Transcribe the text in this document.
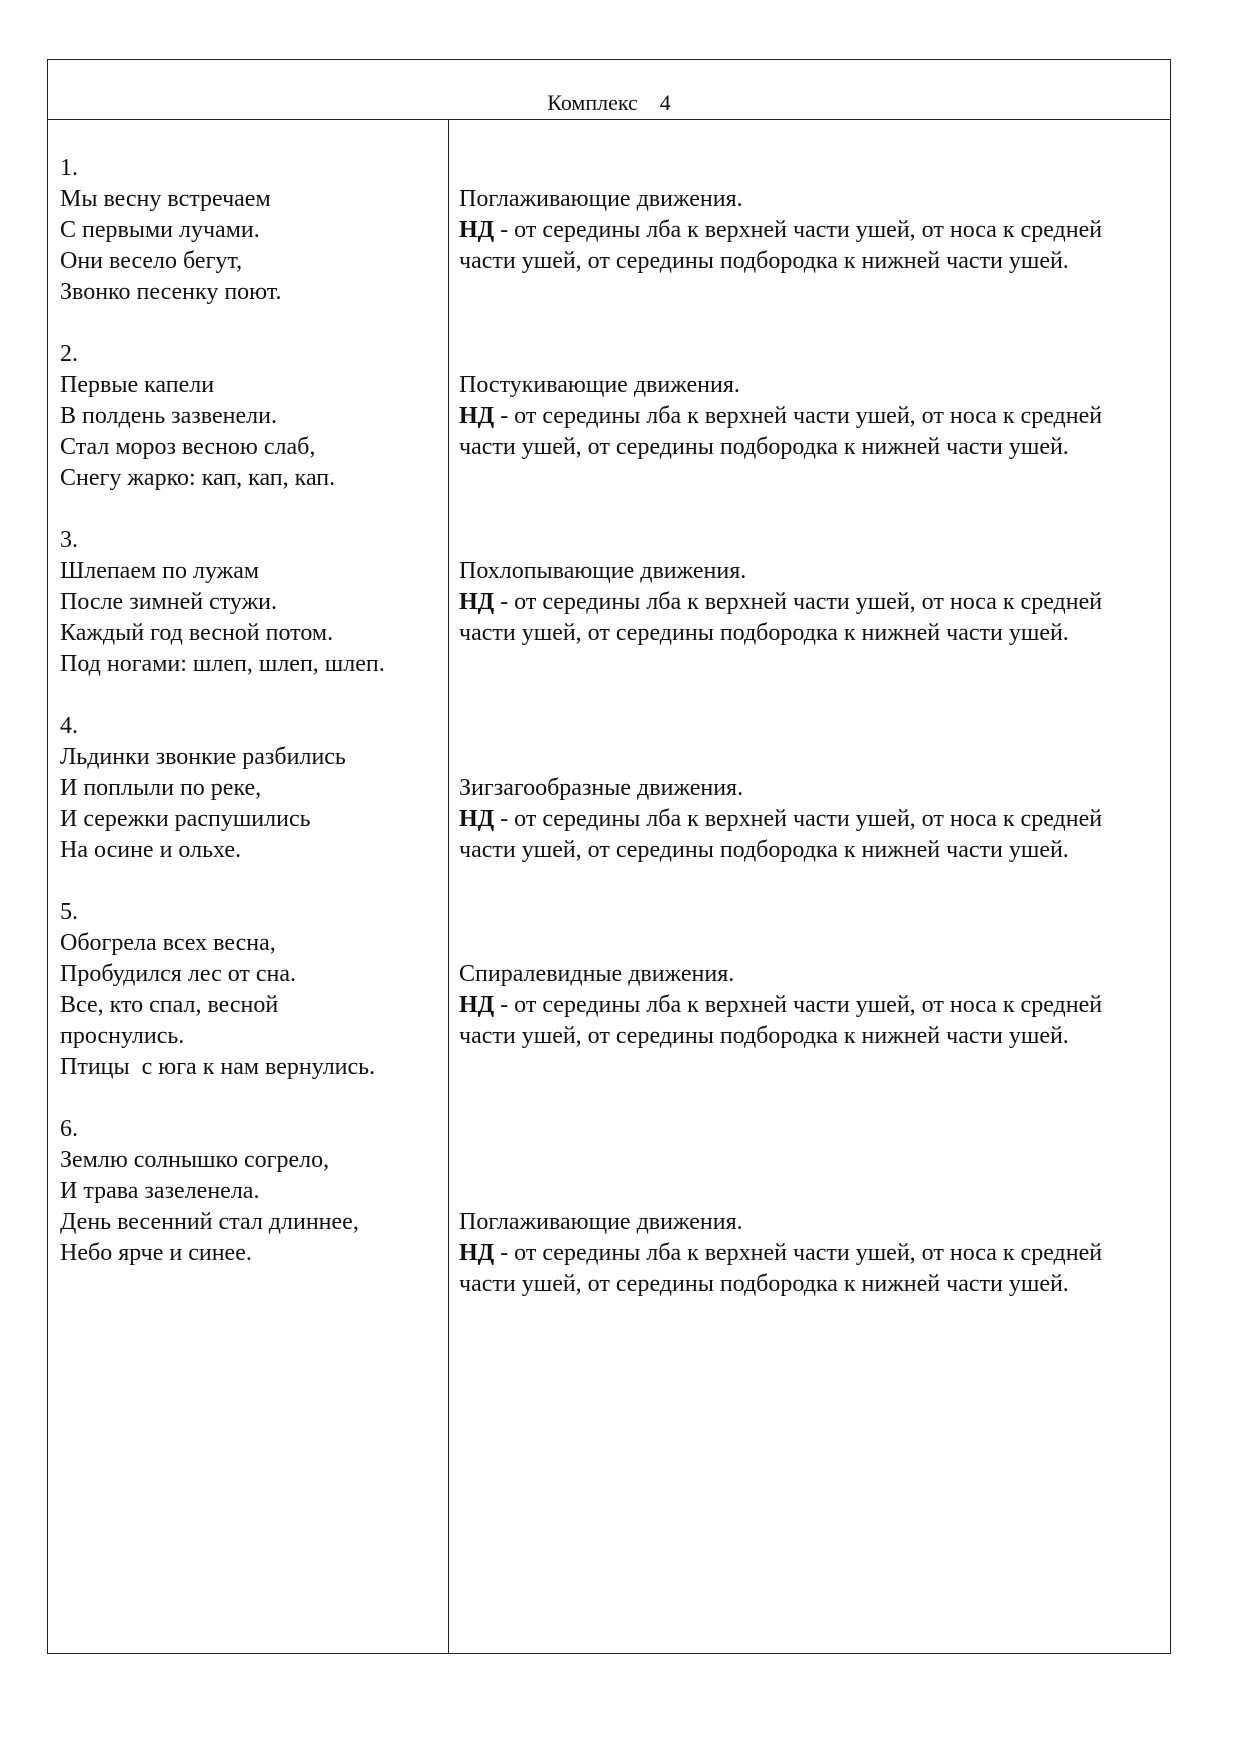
Комплекс    4
1.
Мы весну встречаем
С первыми лучами.
Они весело бегут,
Звонко песенку поют.
2.
Первые капели
В полдень зазвенели.
Стал мороз весною слаб,
Снегу жарко: кап, кап, кап.
3.
Шлепаем по лужам
После зимней стужи.
Каждый год весной потом.
Под ногами: шлеп, шлеп, шлеп.
4.
Льдинки звонкие разбились
И поплыли по реке,
И сережки распушились
На осине и ольхе.
5.
Обогрела всех весна,
Пробудился лес от сна.
Все, кто спал, весной
проснулись.
Птицы  с юга к нам вернулись.
6.
Землю солнышко согрело,
И трава зазеленела.
День весенний стал длиннее,
Небо ярче и синее.
Поглаживающие движения.
НД - от середины лба к верхней части ушей, от носа к средней части ушей, от середины подбородка к нижней части ушей.
Постукивающие движения.
НД - от середины лба к верхней части ушей, от носа к средней части ушей, от середины подбородка к нижней части ушей.
Похлопывающие движения.
НД - от середины лба к верхней части ушей, от носа к средней части ушей, от середины подбородка к нижней части ушей.
Зигзагообразные движения.
НД - от середины лба к верхней части ушей, от носа к средней части ушей, от середины подбородка к нижней части ушей.
Спиралевидные движения.
НД - от середины лба к верхней части ушей, от носа к средней части ушей, от середины подбородка к нижней части ушей.
Поглаживающие движения.
НД - от середины лба к верхней части ушей, от носа к средней части ушей, от середины подбородка к нижней части ушей.
